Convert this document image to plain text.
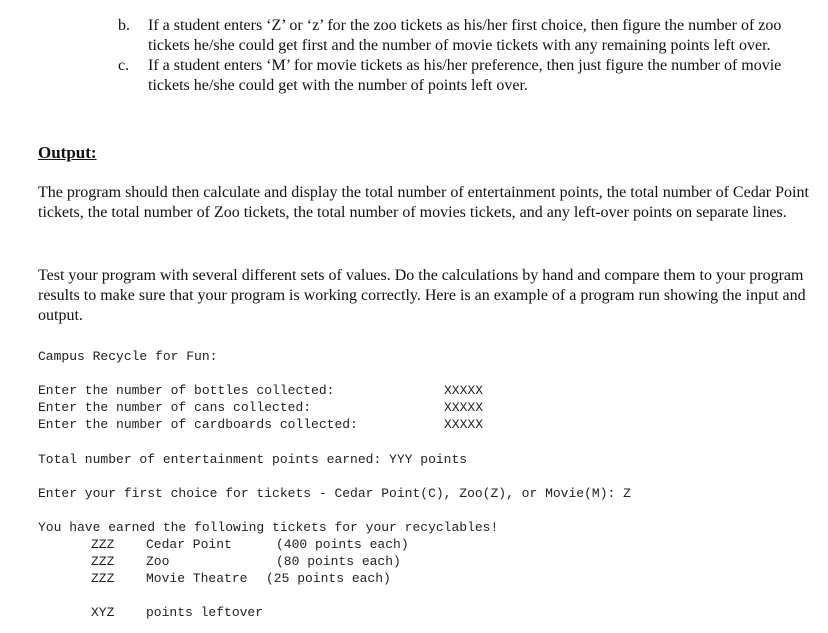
b. If a student enters ‘Z’ or ‘z’ for the zoo tickets as his/her first choice, then figure the number of zoo tickets he/she could get first and the number of movie tickets with any remaining points left over.
c. If a student enters ‘M’ for movie tickets as his/her preference, then just figure the number of movie tickets he/she could get with the number of points left over.
Output:

The program should then calculate and display the total number of entertainment points, the total number of Cedar Point tickets, the total number of Zoo tickets, the total number of movies tickets, and any left-over points on separate lines.

Test your program with several different sets of values. Do the calculations by hand and compare them to your program results to make sure that your program is working correctly. Here is an example of a program run showing the input and output.

Campus Recycle for Fun:
Enter the number of bottles collected:	XXXXX
Enter the number of cans collected:	XXXXX
Enter the number of cardboards collected:	XXXXX
Total number of entertainment points earned: YYY points
Enter your first choice for tickets - Cedar Point(C), Zoo(Z), or Movie(M): Z
You have earned the following tickets for your recyclables!
ZZZ Cedar Point	(400 points each)
ZZZ Zoo	(80 points each)
ZZZ Movie Theatre (25 points each)
XYZ points leftover
